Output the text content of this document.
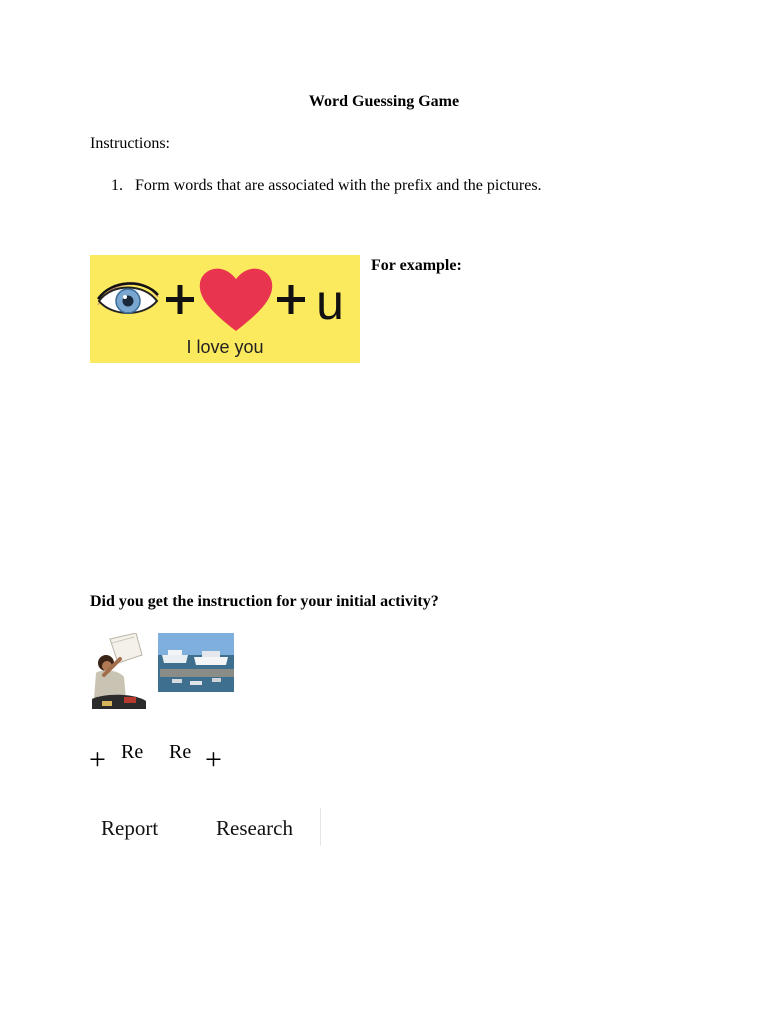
Word Guessing Game
Instructions:
1. Form words that are associated with the prefix and the pictures.
u
I love you
For example:
Did you get the instruction for your initial activity?
+ Re Re +
Report	Research
